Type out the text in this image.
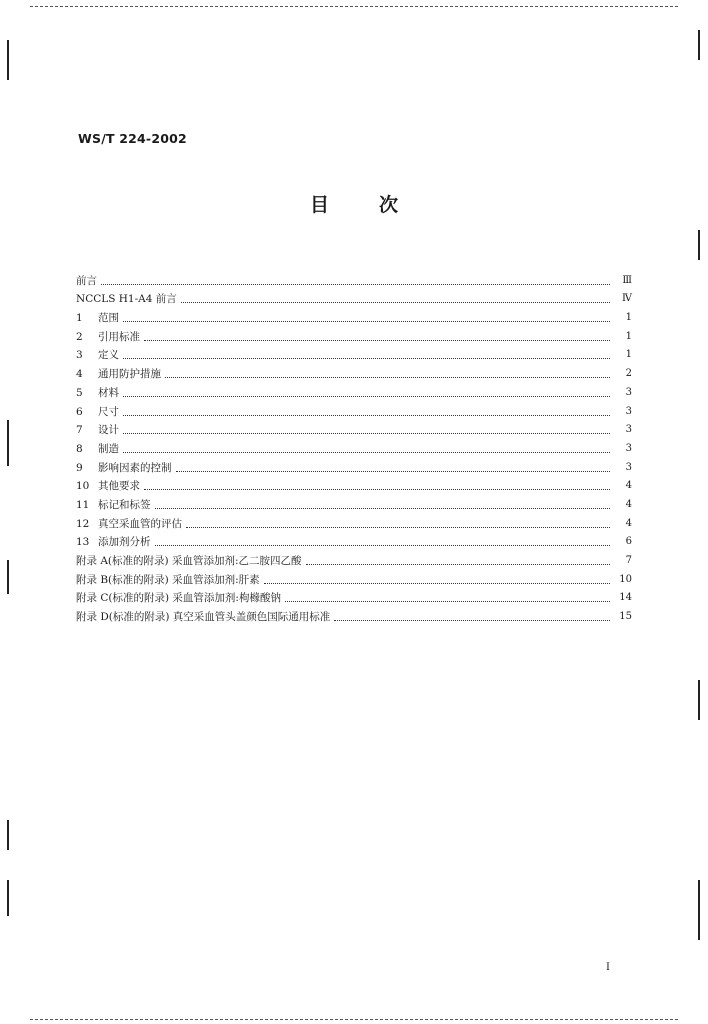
WS/T 224-2002
目	次
前言	Ⅲ
NCCLS H1-A4 前言	Ⅳ
1	范围	1
2	引用标准	1
3	定义	1
4	通用防护措施	2
5	材料	3
6	尺寸	3
7	设计	3
8	制造	3
9	影响因素的控制	3
10 其他要求	4
11 标记和标签	4
12 真空采血管的评估	4
13 添加剂分析	6
附录 A(标准的附录) 采血管添加剂:乙二胺四乙酸	7
附录 B(标准的附录) 采血管添加剂:肝素	10
附录 C(标准的附录) 采血管添加剂:枸橼酸钠	14
附录 D(标准的附录) 真空采血管头盖颜色国际通用标准	15
I
